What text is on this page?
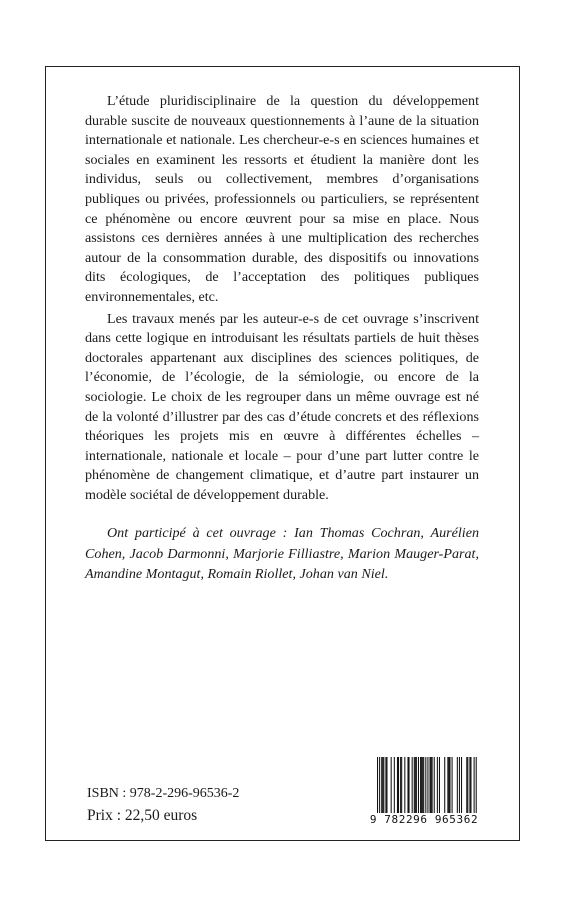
L’étude pluridisciplinaire de la question du développement durable suscite de nouveaux questionnements à l’aune de la situation internationale et nationale. Les chercheur-e-s en sciences humaines et sociales en examinent les ressorts et étudient la manière dont les individus, seuls ou collectivement, membres d’organisations publiques ou privées, professionnels ou particuliers, se représentent ce phénomène ou encore œuvrent pour sa mise en place. Nous assistons ces dernières années à une multiplication des recherches autour de la consommation durable, des dispositifs ou innovations dits écologiques, de l’acceptation des politiques publiques environnementales, etc.

Les travaux menés par les auteur-e-s de cet ouvrage s’inscrivent dans cette logique en introduisant les résultats partiels de huit thèses doctorales appartenant aux disciplines des sciences politiques, de l’économie, de l’écologie, de la sémiologie, ou encore de la sociologie. Le choix de les regrouper dans un même ouvrage est né de la volonté d’illustrer par des cas d’étude concrets et des réflexions théoriques les projets mis en œuvre à différentes échelles – internationale, nationale et locale – pour d’une part lutter contre le phénomène de changement climatique, et d’autre part instaurer un modèle sociétal de développement durable.

Ont participé à cet ouvrage : Ian Thomas Cochran, Aurélien Cohen, Jacob Darmonni, Marjorie Filliastre, Marion Mauger-Parat, Amandine Montagut, Romain Riollet, Johan van Niel.

ISBN : 978-2-296-96536-2
Prix : 22,50 euros	9 782296 965362
